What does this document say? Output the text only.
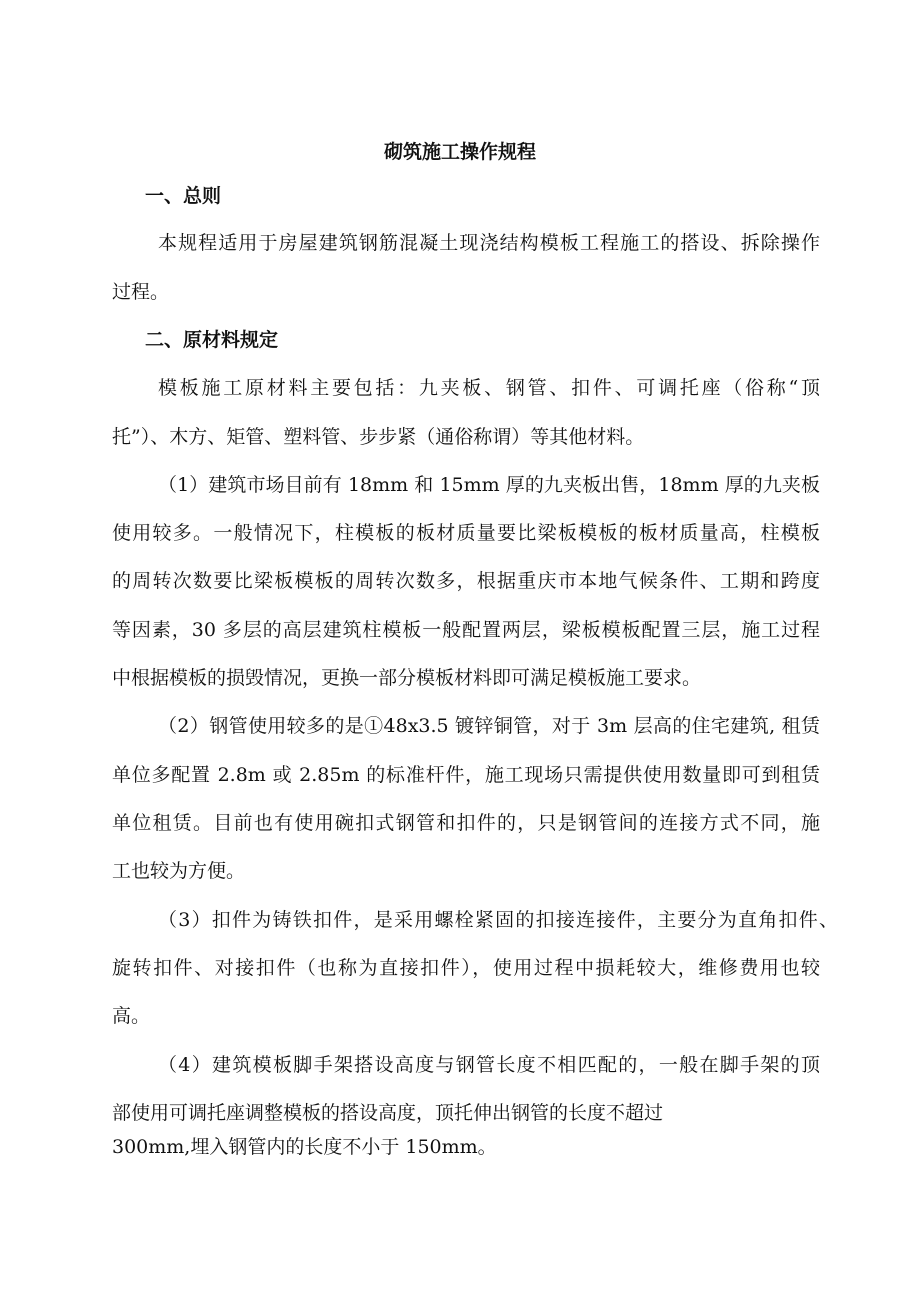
砌筑施工操作规程
一、总则
本规程适用于房屋建筑钢筋混凝土现浇结构模板工程施工的搭设、拆除操作
过程。
二、原材料规定
模板施工原材料主要包括：九夹板、钢管、扣件、可调托座（俗称“顶
托”）、木方、矩管、塑料管、步步紧（通俗称谓）等其他材料。
（1）建筑市场目前有 18mm 和 15mm 厚的九夹板出售，18mm 厚的九夹板
使用较多。一般情况下，柱模板的板材质量要比梁板模板的板材质量高，柱模板
的周转次数要比梁板模板的周转次数多，根据重庆市本地气候条件、工期和跨度
等因素，30 多层的高层建筑柱模板一般配置两层，梁板模板配置三层，施工过程
中根据模板的损毁情况，更换一部分模板材料即可满足模板施工要求。
（2）钢管使用较多的是①48x3.5 镀锌铜管，对于 3m 层高的住宅建筑, 租赁
单位多配置 2.8m 或 2.85m 的标准杆件，施工现场只需提供使用数量即可到租赁
单位租赁。目前也有使用碗扣式钢管和扣件的，只是钢管间的连接方式不同，施
工也较为方便。
（3）扣件为铸铁扣件，是采用螺栓紧固的扣接连接件，主要分为直角扣件、
旋转扣件、对接扣件（也称为直接扣件），使用过程中损耗较大，维修费用也较
高。
（4）建筑模板脚手架搭设高度与钢管长度不相匹配的，一般在脚手架的顶
部使用可调托座调整模板的搭设高度，顶托伸出钢管的长度不超过
300mm,埋入钢管内的长度不小于 150mm。
